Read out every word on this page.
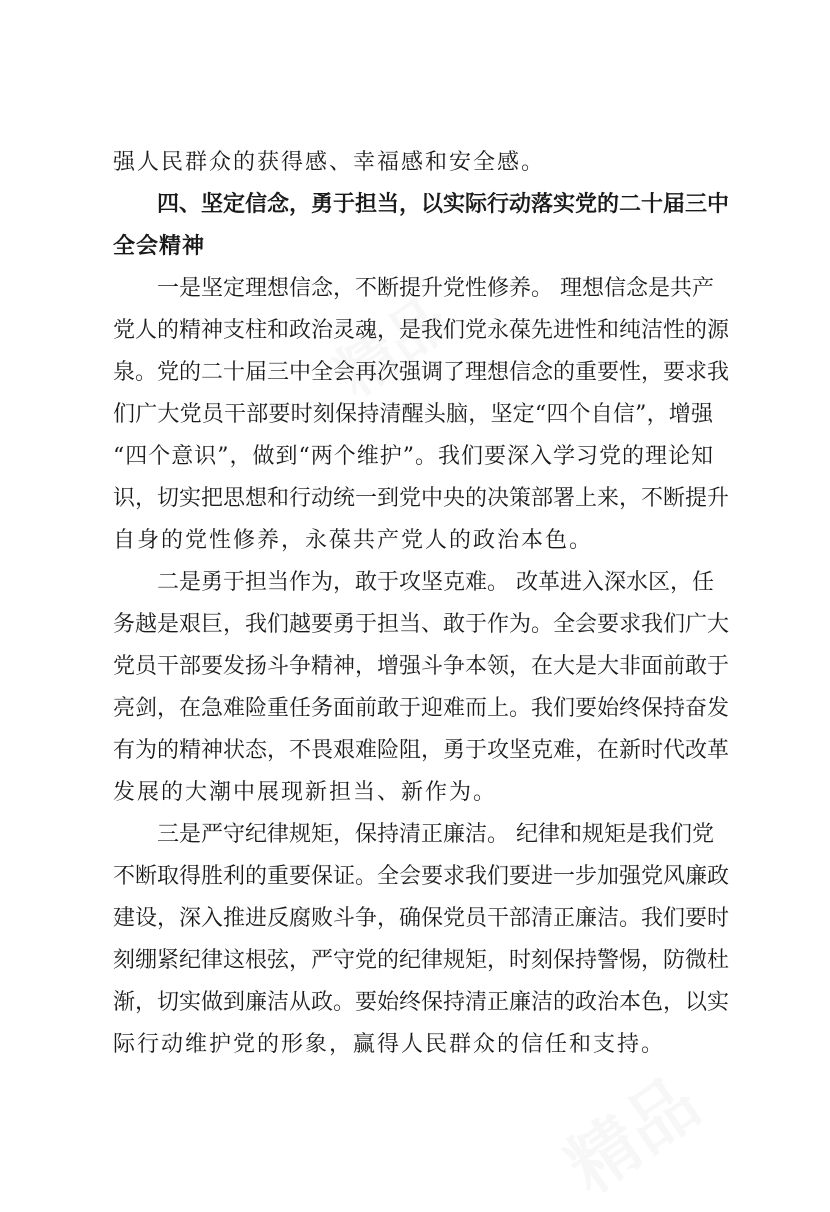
精品
精品
强人民群众的获得感、幸福感和安全感。
四、坚定信念，勇于担当，以实际行动落实党的二十届三中
全会精神
一是坚定理想信念，不断提升党性修养。 理想信念是共产
党人的精神支柱和政治灵魂，是我们党永葆先进性和纯洁性的源
泉。党的二十届三中全会再次强调了理想信念的重要性，要求我
们广大党员干部要时刻保持清醒头脑，坚定“四个自信”，增强
“四个意识”，做到“两个维护”。我们要深入学习党的理论知
识，切实把思想和行动统一到党中央的决策部署上来，不断提升
自身的党性修养，永葆共产党人的政治本色。
二是勇于担当作为，敢于攻坚克难。 改革进入深水区，任
务越是艰巨，我们越要勇于担当、敢于作为。全会要求我们广大
党员干部要发扬斗争精神，增强斗争本领，在大是大非面前敢于
亮剑，在急难险重任务面前敢于迎难而上。我们要始终保持奋发
有为的精神状态，不畏艰难险阻，勇于攻坚克难，在新时代改革
发展的大潮中展现新担当、新作为。
三是严守纪律规矩，保持清正廉洁。 纪律和规矩是我们党
不断取得胜利的重要保证。全会要求我们要进一步加强党风廉政
建设，深入推进反腐败斗争，确保党员干部清正廉洁。我们要时
刻绷紧纪律这根弦，严守党的纪律规矩，时刻保持警惕，防微杜
渐，切实做到廉洁从政。要始终保持清正廉洁的政治本色，以实
际行动维护党的形象，赢得人民群众的信任和支持。
